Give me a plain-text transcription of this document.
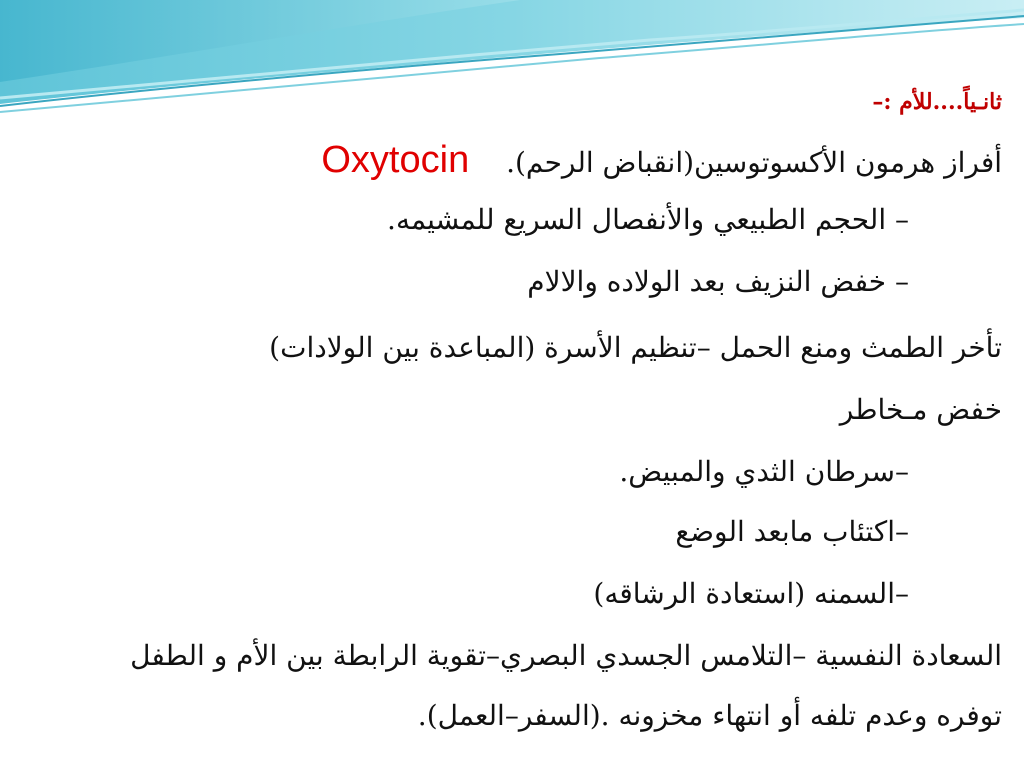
ثانـياً....للأم :–
أفراز هرمون الأكسوتوسين(انقباض الرحم). Oxytocin
– الحجم الطبيعي والأنفصال السريع للمشيمه.
– خفض النزيف بعد الولاده والالام
تأخر الطمث ومنع الحمل –تنظيم الأسرة (المباعدة بين الولادات)
خفض مـخاطر
–سرطان الثدي والمبيض.
–اكتئاب مابعد الوضع
–السمنه (استعادة الرشاقه)
السعادة النفسية –التلامس الجسدي البصري–تقوية الرابطة بين الأم و الطفل
توفره وعدم تلفه أو انتهاء مخزونه .(السفر–العمل).
